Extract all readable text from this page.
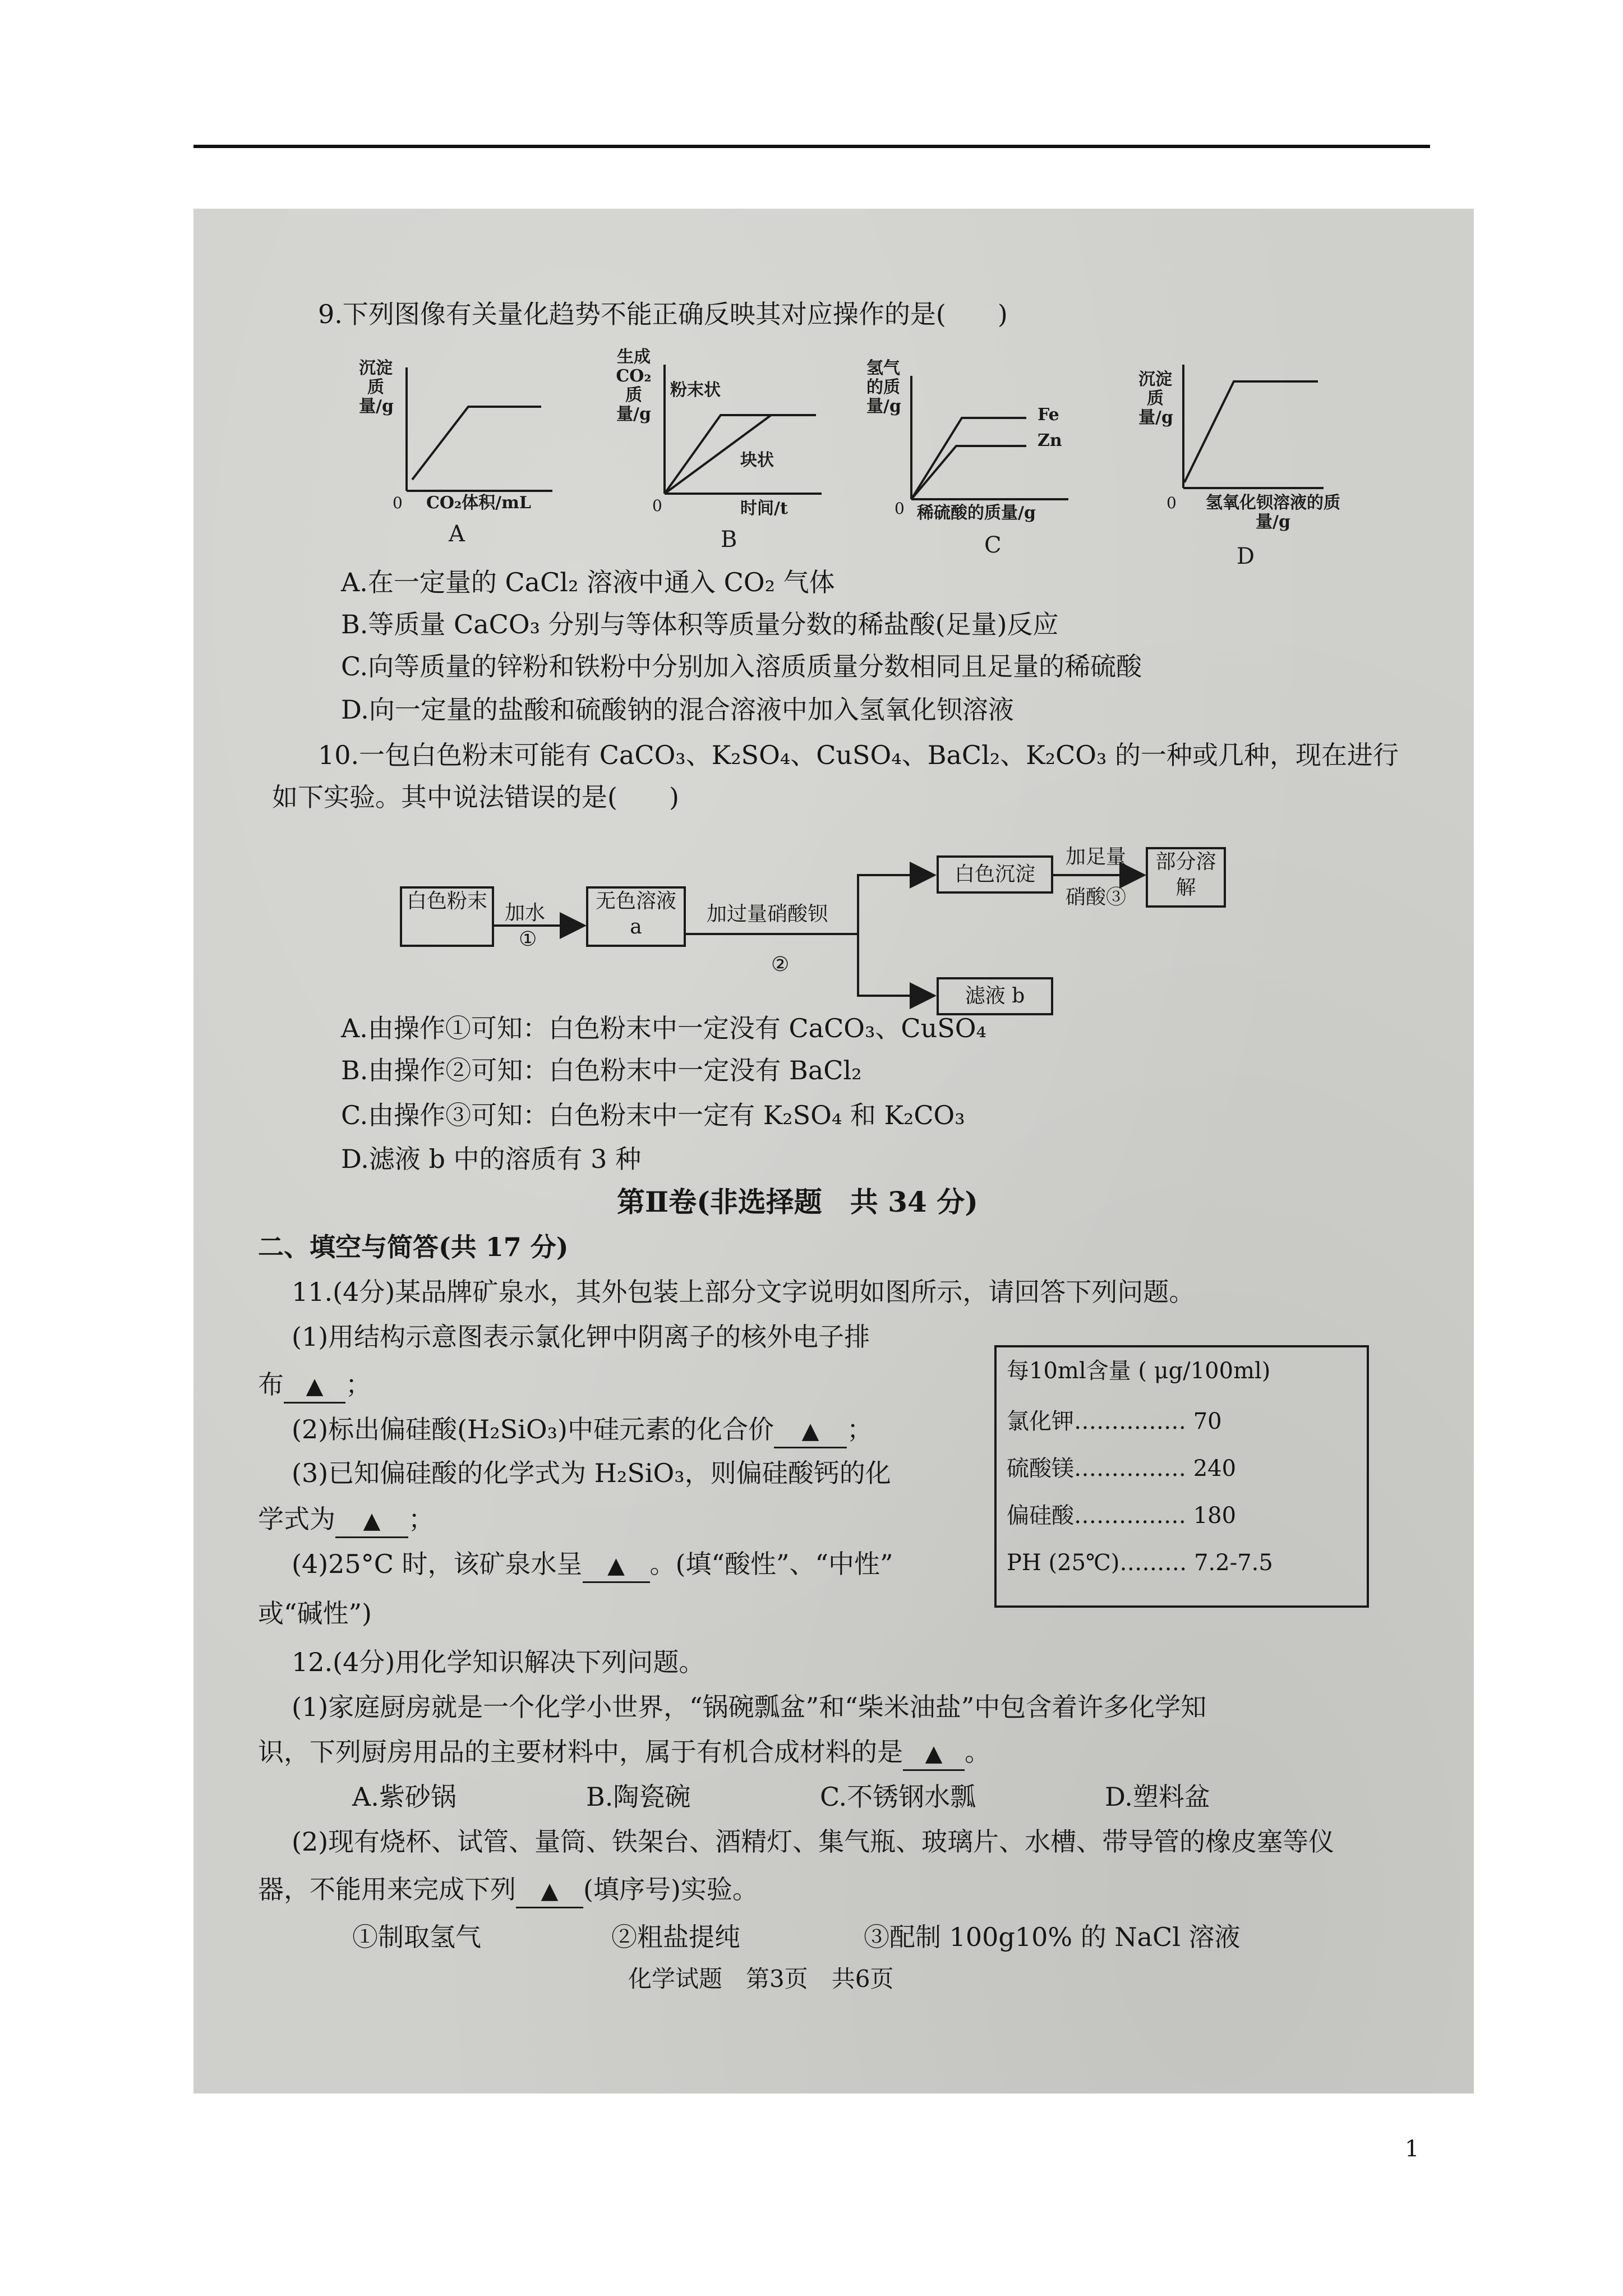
9.下列图像有关量化趋势不能正确反映其对应操作的是(　　)
沉淀质量/g
0 CO₂体积/mL
A
生成CO₂质量/g
粉末状
块状
0	时间/t
B
氢气的质量/g	Fe
Zn
0 稀硫酸的质量/g
C
沉淀质量/g
0	氢氧化钡溶液的质量/g
D
A.在一定量的 CaCl₂ 溶液中通入 CO₂ 气体
B.等质量 CaCO₃ 分别与等体积等质量分数的稀盐酸(足量)反应
C.向等质量的锌粉和铁粉中分别加入溶质质量分数相同且足量的稀硫酸
D.向一定量的盐酸和硫酸钠的混合溶液中加入氢氧化钡溶液
10.一包白色粉末可能有 CaCO₃、K₂SO₄、CuSO₄、BaCl₂、K₂CO₃ 的一种或几种，现在进行
如下实验。其中说法错误的是(　　)
白色粉末
加水
①
无色溶液 a
加过量硝酸钡
②
白色沉淀
加足量
硝酸③
部分溶解
滤液 b
A.由操作①可知：白色粉末中一定没有 CaCO₃、CuSO₄
B.由操作②可知：白色粉末中一定没有 BaCl₂
C.由操作③可知：白色粉末中一定有 K₂SO₄ 和 K₂CO₃
D.滤液 b 中的溶质有 3 种
第Ⅱ卷(非选择题　共 34 分)
二、填空与简答(共 17 分)
11.(4分)某品牌矿泉水，其外包装上部分文字说明如图所示，请回答下列问题。
(1)用结构示意图表示氯化钾中阴离子的核外电子排
布 ▲ ；
(2)标出偏硅酸(H₂SiO₃)中硅元素的化合价 ▲ ；
(3)已知偏硅酸的化学式为 H₂SiO₃，则偏硅酸钙的化
学式为 ▲ ；
(4)25°C 时，该矿泉水呈 ▲ 。(填“酸性”、“中性”
或“碱性”)
每10ml含量 ( μg/100ml)
氯化钾…………… 70
硫酸镁…………… 240
偏硅酸…………… 180
PH (25℃)……… 7.2-7.5
12.(4分)用化学知识解决下列问题。
(1)家庭厨房就是一个化学小世界，“锅碗瓢盆”和“柴米油盐”中包含着许多化学知
识，下列厨房用品的主要材料中，属于有机合成材料的是 ▲ 。
A.紫砂锅	B.陶瓷碗	C.不锈钢水瓢	D.塑料盆
(2)现有烧杯、试管、量筒、铁架台、酒精灯、集气瓶、玻璃片、水槽、带导管的橡皮塞等仪
器，不能用来完成下列 ▲ (填序号)实验。
①制取氢气	②粗盐提纯	③配制 100g10% 的 NaCl 溶液
化学试题　第3页　共6页
1
